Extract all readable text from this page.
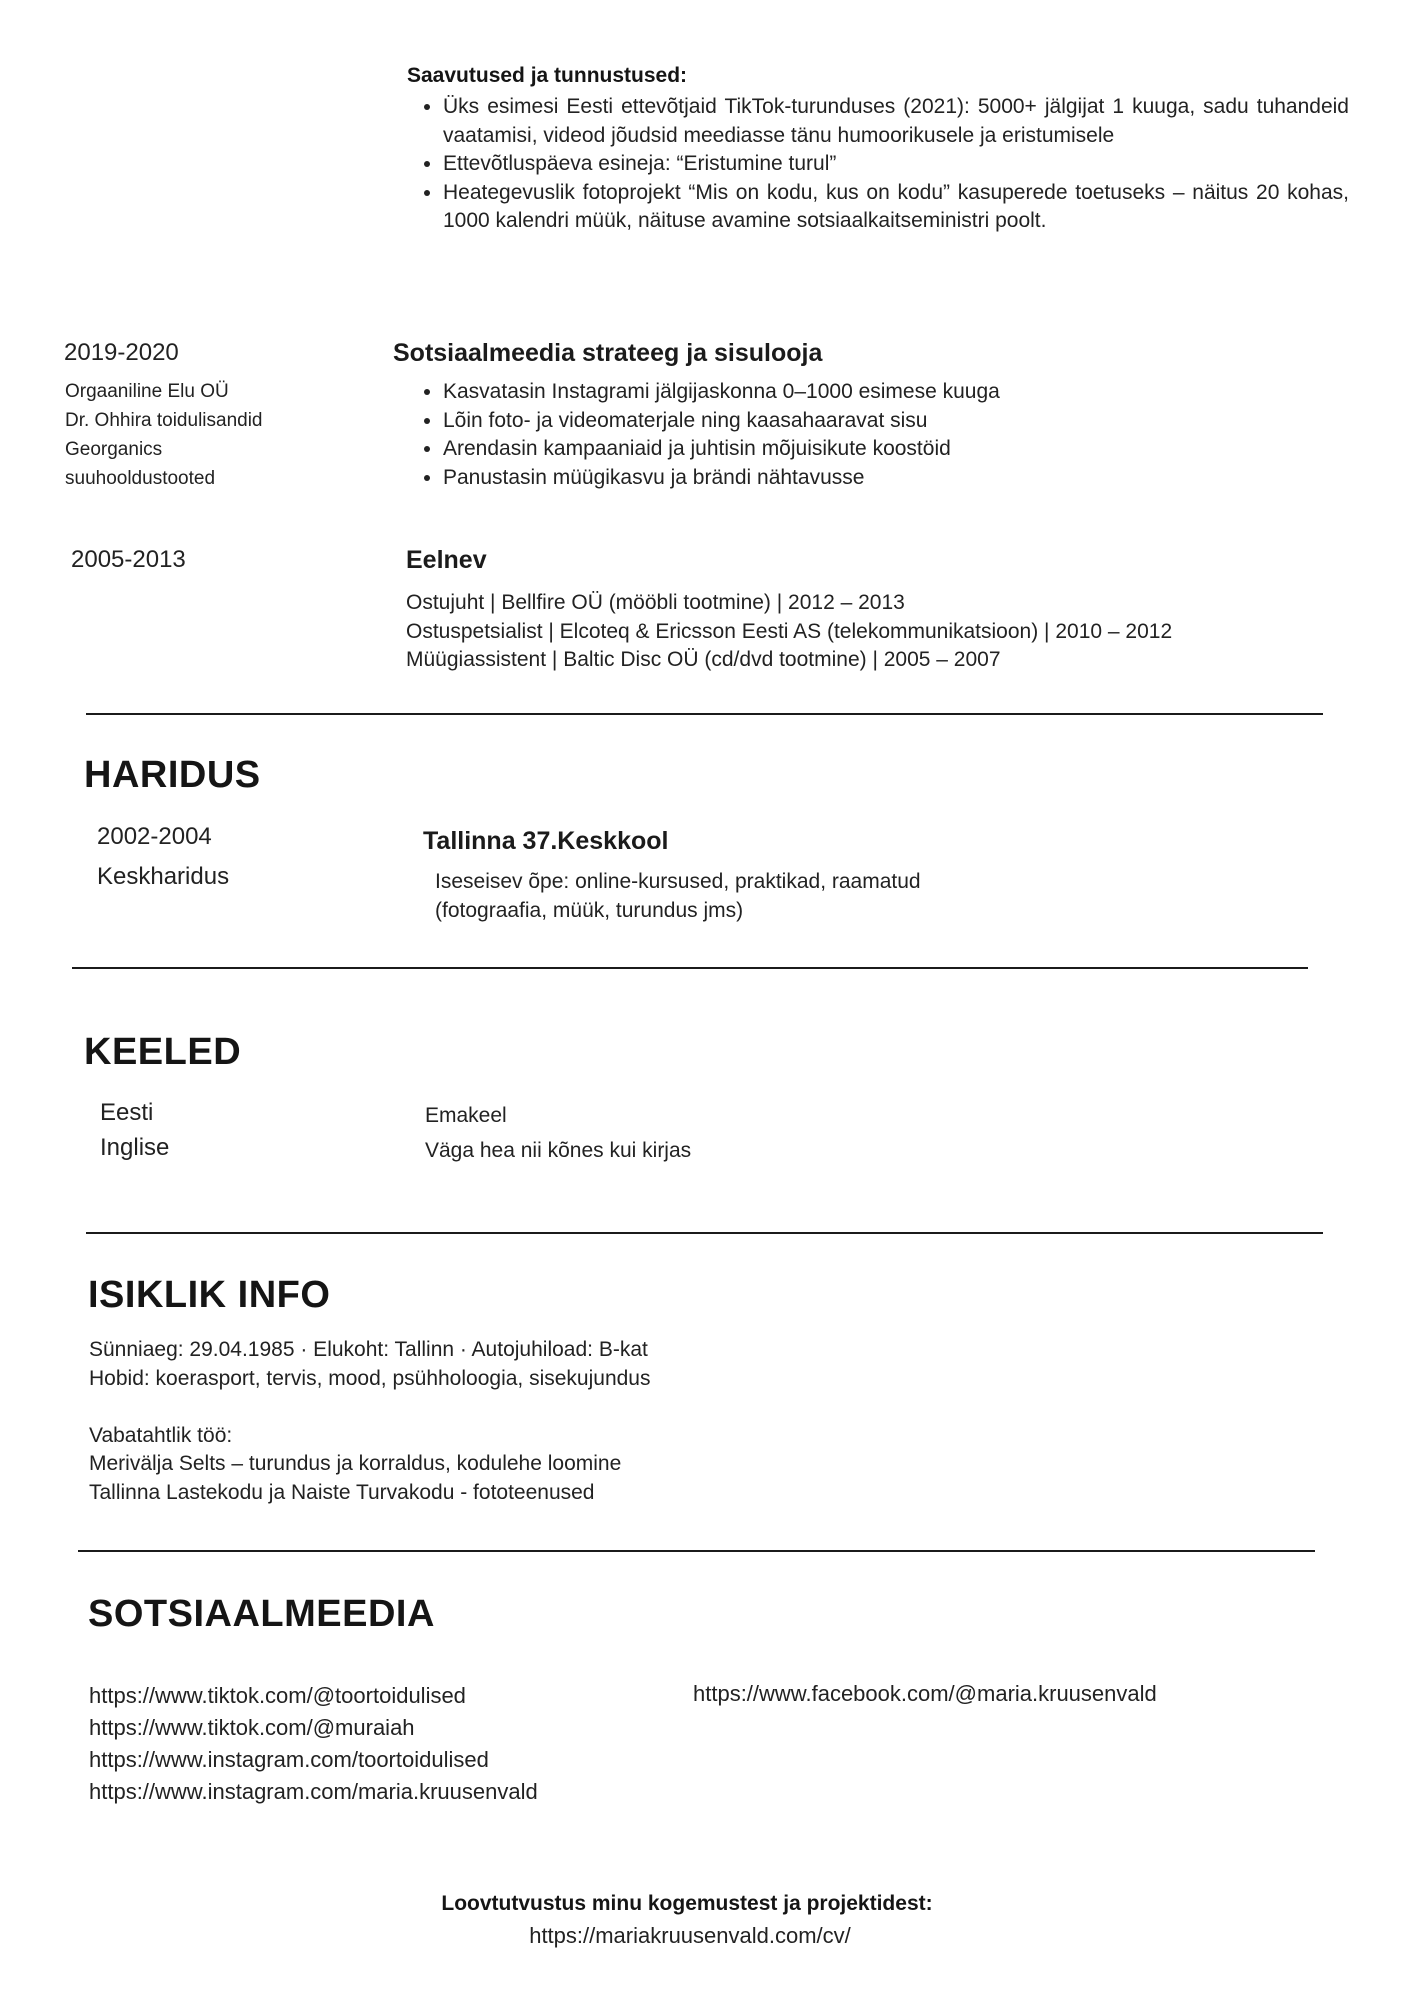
Saavutused ja tunnustused:
• Üks esimesi Eesti ettevõtjaid TikTok-turunduses (2021): 5000+ jälgijat 1 kuuga, sadu tuhandeid vaatamisi, videod jõudsid meediasse tänu humoorikusele ja eristumisele
• Ettevõtluspäeva esineja: “Eristumine turul”
• Heategevuslik fotoprojekt “Mis on kodu, kus on kodu” kasuperede toetuseks – näitus 20 kohas, 1000 kalendri müük, näituse avamine sotsiaalkaitseministri poolt.
2019-2020
Orgaaniline Elu OÜ
Dr. Ohhira toidulisandid
Georganics
suuhooldustooted
Sotsiaalmeedia strateeg ja sisulooja
• Kasvatasin Instagrami jälgijaskonna 0–1000 esimese kuuga
• Lõin foto- ja videomaterjale ning kaasahaaravat sisu
• Arendasin kampaaniaid ja juhtisin mõjuisikute koostöid
• Panustasin müügikasvu ja brändi nähtavusse
2005-2013	Eelnev
Ostujuht | Bellfire OÜ (mööbli tootmine) | 2012 – 2013
Ostuspetsialist | Elcoteq & Ericsson Eesti AS (telekommunikatsioon) | 2010 – 2012
Müügiassistent | Baltic Disc OÜ (cd/dvd tootmine) | 2005 – 2007
HARIDUS
2002-2004
Keskharidus
Tallinna 37.Keskkool
Iseseisev õpe: online-kursused, praktikad, raamatud
(fotograafia, müük, turundus jms)
KEELED
Eesti
Inglise
Emakeel
Väga hea nii kõnes kui kirjas
ISIKLIK INFO
Sünniaeg: 29.04.1985 · Elukoht: Tallinn · Autojuhiload: B-kat
Hobid: koerasport, tervis, mood, psühholoogia, sisekujundus
Vabatahtlik töö:
Merivälja Selts – turundus ja korraldus, kodulehe loomine
Tallinna Lastekodu ja Naiste Turvakodu - fototeenused
SOTSIAALMEEDIA
https://www.tiktok.com/@toortoidulised
https://www.tiktok.com/@muraiah
https://www.instagram.com/toortoidulised
https://www.instagram.com/maria.kruusenvald
https://www.facebook.com/@maria.kruusenvald
Loovtutvustus minu kogemustest ja projektidest:
https://mariakruusenvald.com/cv/
